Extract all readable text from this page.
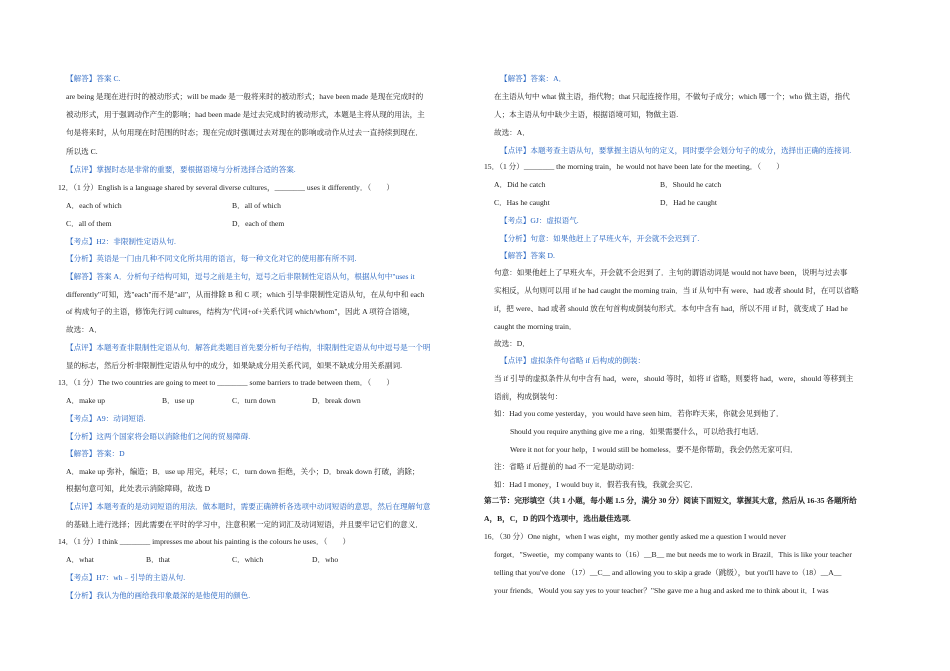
【解答】答案 C.
are being 是现在进行时的被动形式；will be made 是一般将来时的被动形式；have been made 是现在完成时的
被动形式，用于强调动作产生的影响；had been made 是过去完成时的被动形式，本题是主将从现的用法，主
句是将来时，从句用现在时范围的时态；现在完成时强调过去对现在的影响或动作从过去一直持续到现在．
所以选 C.
【点评】掌握时态是非常的重要，要根据语境与分析选择合适的答案.
12．（1 分）English is a language shared by several diverse cultures，________ uses it differently．（　　）
A．each of which	B．all of which
C．all of them	D．each of them
【考点】H2：非限制性定语从句.
【分析】英语是一门由几种不同文化所共用的语言，每一种文化对它的使用都有所不同.
【解答】答案 A．分析句子结构可知，逗号之前是主句，逗号之后非限制性定语从句，根据从句中"uses it
differently"可知，选"each"而不是"all"，从而排除 B 和 C 项；which 引导非限制性定语从句，在从句中和 each
of 构成句子的主语，修饰先行词 cultures，结构为"代词+of+关系代词 which/whom"，因此 A 项符合语境，
故选：A．
【点评】本题考查非限制性定语从句．解答此类题目首先要分析句子结构，非限制性定语从句中逗号是一个明
显的标志，然后分析非限制性定语从句中的成分，如果缺成分用关系代词，如果不缺成分用关系副词.
13．（1 分）The two countries are going to meet to ________ some barriers to trade between them．（　　）
A．make up	B．use up	C．turn down	D．break down
【考点】A9：动词短语.
【分析】这两个国家将会晤以消除他们之间的贸易障碍.
【解答】答案：D
A．make up 弥补，编造；B．use up 用完，耗尽；C．turn down 拒绝，关小；D．break down 打破，消除；
根据句意可知，此处表示消除障碍，故选 D
【点评】本题考查的是动词短语的用法．做本题时，需要正确辨析各选项中动词短语的意思，然后在理解句意
的基础上进行选择；因此需要在平时的学习中，注意积累一定的词汇及动词短语，并且要牢记它们的意义．
14．（1 分）I think ________ impresses me about his painting is the colours he uses．（　　）
A．what	B．that	C．which	D．who
【考点】H7：wh﹣引导的主语从句.
【分析】我认为他的画给我印象最深的是他使用的颜色.
【解答】答案：A．
在主语从句中 what 做主语，指代物；that 只起连接作用，不做句子成分；which 哪一个；who 做主语，指代
人；本主语从句中缺少主语，根据语境可知，物做主语.
故选：A．
【点评】本题考查主语从句，要掌握主语从句的定义，同时要学会划分句子的成分，选择出正确的连接词.
15．（1 分）________ the morning train，he would not have been late for the meeting．（　　）
A．Did he catch	B．Should he catch
C．Has he caught	D．Had he caught
【考点】GJ：虚拟语气.
【分析】句意：如果他赶上了早班火车，开会就不会迟到了.
【解答】答案 D.
句意：如果他赶上了早班火车，开会就不会迟到了．主句的谓语动词是 would not have been，说明与过去事
实相反，从句则可以用 if he had caught the morning train．当 if 从句中有 were、had 或者 should 时，在可以省略
if，把 were、had 或者 should 放在句首构成倒装句形式．本句中含有 had，所以不用 if 时，就变成了 Had he
caught the morning train．
故选：D．
【点评】虚拟条件句省略 if 后构成的倒装：
当 if 引导的虚拟条件从句中含有 had，were，should 等时，如将 if 省略，则要将 had，were，should 等移到主
语前，构成倒装句：
如：Had you come yesterday，you would have seen him．若你昨天来，你就会见到他了．
Should you require anything give me a ring．如果需要什么，可以给我打电话．
Were it not for your help，I would still be homeless．要不是你帮助，我会仍然无家可归．
注：省略 if 后提前的 had 不一定是助动词：
如：Had I money，I would buy it．假若我有钱，我就会买它．
第二节：完形填空（共 1 小题，每小题 1.5 分，满分 30 分）阅读下面短文，掌握其大意，然后从 16-35 各题所给
A，B，C，D 的四个选项中，选出最佳选项.
16．（30 分）One night，when I was eight，my mother gently asked me a question I would never
forget．"Sweetie，my company wants to（16）__B__ me but needs me to work in Brazil．This is like your teacher
telling that you've done （17）__C__ and allowing you to skip a grade（跳级），but you'll have to（18）__A__
your friends．Would you say yes to your teacher？"She gave me a hug and asked me to think about it．I was
